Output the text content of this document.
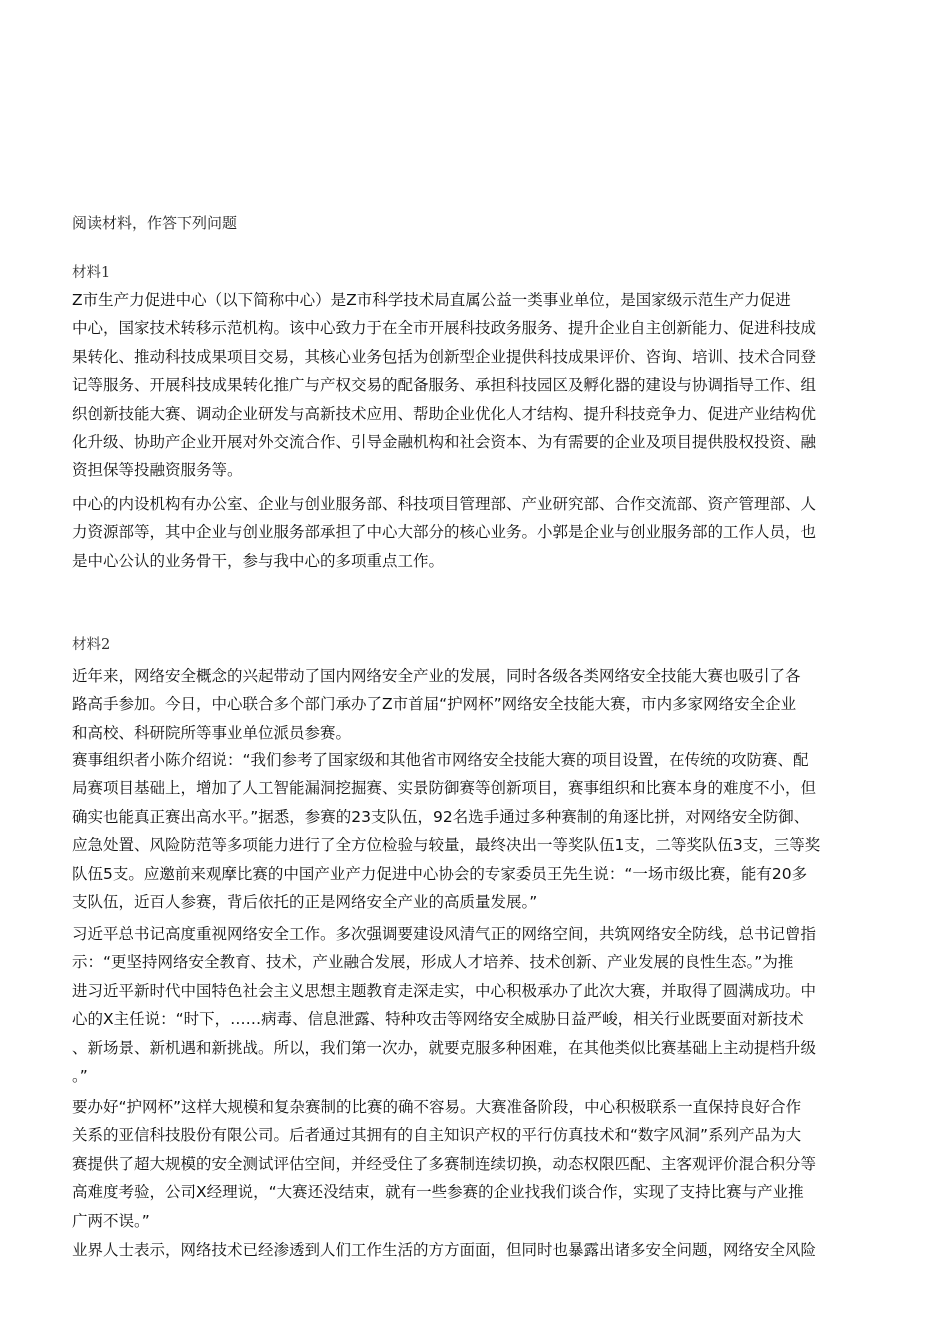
阅读材料，作答下列问题
材料1

Z市生产力促进中心（以下简称中心）是Z市科学技术局直属公益一类事业单位，是国家级示范生产力促进
中心，国家技术转移示范机构。该中心致力于在全市开展科技政务服务、提升企业自主创新能力、促进科技成
果转化、推动科技成果项目交易，其核心业务包括为创新型企业提供科技成果评价、咨询、培训、技术合同登
记等服务、开展科技成果转化推广与产权交易的配备服务、承担科技园区及孵化器的建设与协调指导工作、组
织创新技能大赛、调动企业研发与高新技术应用、帮助企业优化人才结构、提升科技竞争力、促进产业结构优
化升级、协助产企业开展对外交流合作、引导金融机构和社会资本、为有需要的企业及项目提供股权投资、融
资担保等投融资服务等。

中心的内设机构有办公室、企业与创业服务部、科技项目管理部、产业研究部、合作交流部、资产管理部、人
力资源部等，其中企业与创业服务部承担了中心大部分的核心业务。小郭是企业与创业服务部的工作人员，也
是中心公认的业务骨干，参与我中心的多项重点工作。

材料2

近年来，网络安全概念的兴起带动了国内网络安全产业的发展，同时各级各类网络安全技能大赛也吸引了各
路高手参加。今日，中心联合多个部门承办了Z市首届“护网杯”网络安全技能大赛，市内多家网络安全企业
和高校、科研院所等事业单位派员参赛。

赛事组织者小陈介绍说：“我们参考了国家级和其他省市网络安全技能大赛的项目设置，在传统的攻防赛、配
局赛项目基础上，增加了人工智能漏洞挖掘赛、实景防御赛等创新项目，赛事组织和比赛本身的难度不小，但
确实也能真正赛出高水平。”据悉，参赛的23支队伍，92名选手通过多种赛制的角逐比拼，对网络安全防御、
应急处置、风险防范等多项能力进行了全方位检验与较量，最终决出一等奖队伍1支，二等奖队伍3支，三等奖
队伍5支。应邀前来观摩比赛的中国产业产力促进中心协会的专家委员王先生说：“一场市级比赛，能有20多
支队伍，近百人参赛，背后依托的正是网络安全产业的高质量发展。”

习近平总书记高度重视网络安全工作。多次强调要建设风清气正的网络空间，共筑网络安全防线，总书记曾指
示：“更坚持网络安全教育、技术，产业融合发展，形成人才培养、技术创新、产业发展的良性生态。”为推
进习近平新时代中国特色社会主义思想主题教育走深走实，中心积极承办了此次大赛，并取得了圆满成功。中
心的X主任说：“时下，……病毒、信息泄露、特种攻击等网络安全威胁日益严峻，相关行业既要面对新技术
、新场景、新机遇和新挑战。所以，我们第一次办，就要克服多种困难，在其他类似比赛基础上主动提档升级
。”

要办好“护网杯”这样大规模和复杂赛制的比赛的确不容易。大赛准备阶段，中心积极联系一直保持良好合作
关系的亚信科技股份有限公司。后者通过其拥有的自主知识产权的平行仿真技术和“数字风洞”系列产品为大
赛提供了超大规模的安全测试评估空间，并经受住了多赛制连续切换，动态权限匹配、主客观评价混合积分等
高难度考验，公司X经理说，“大赛还没结束，就有一些参赛的企业找我们谈合作，实现了支持比赛与产业推
广两不误。”

业界人士表示，网络技术已经渗透到人们工作生活的方方面面，但同时也暴露出诸多安全问题，网络安全风险
